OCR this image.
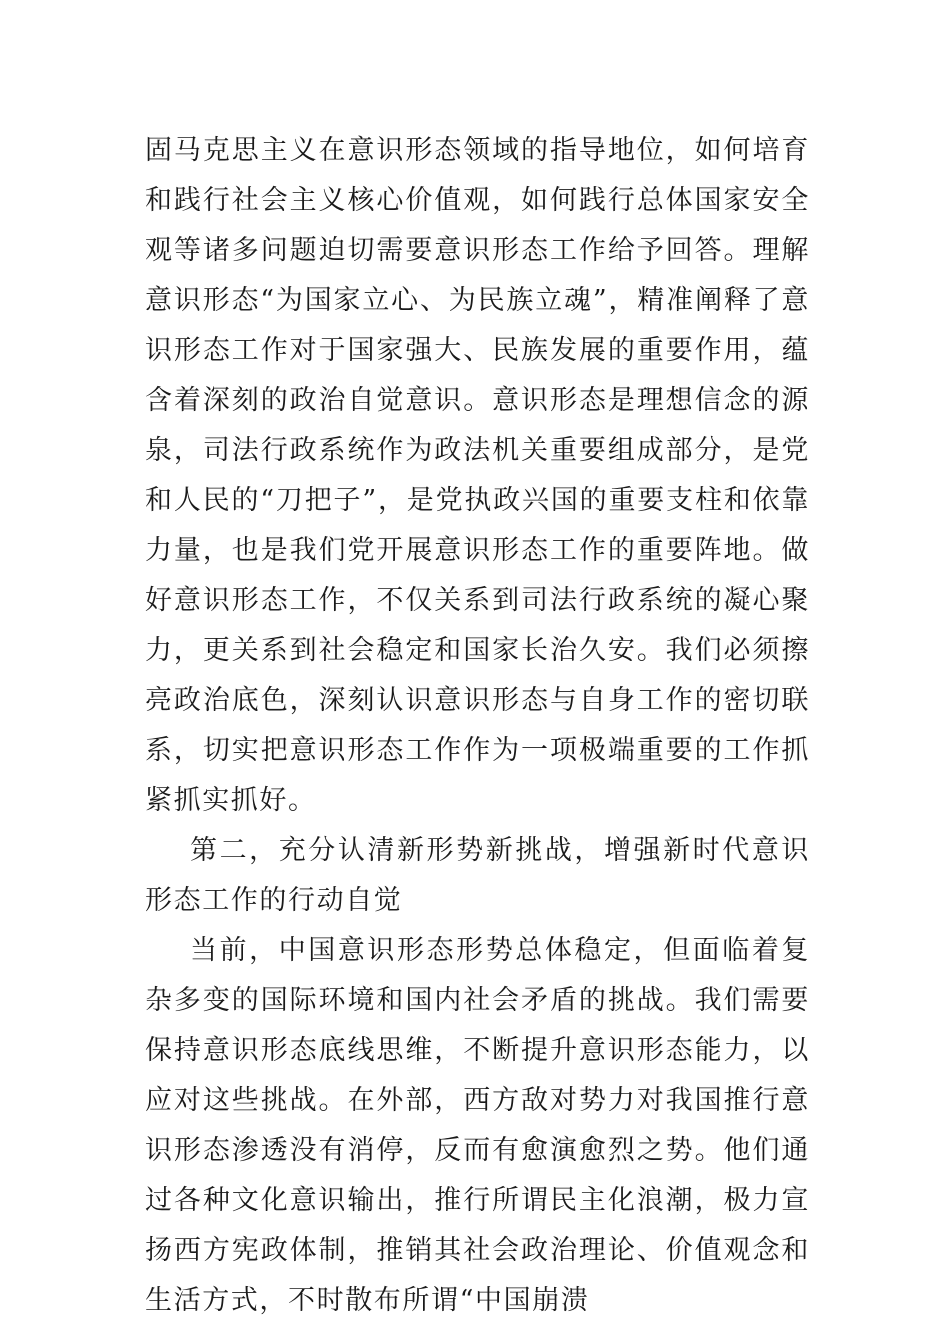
固马克思主义在意识形态领域的指导地位，如何培育和践行社会主义核心价值观，如何践行总体国家安全观等诸多问题迫切需要意识形态工作给予回答。理解意识形态“为国家立心、为民族立魂”，精准阐释了意识形态工作对于国家强大、民族发展的重要作用，蕴含着深刻的政治自觉意识。意识形态是理想信念的源泉，司法行政系统作为政法机关重要组成部分，是党和人民的“刀把子”，是党执政兴国的重要支柱和依靠力量，也是我们党开展意识形态工作的重要阵地。做好意识形态工作，不仅关系到司法行政系统的凝心聚力，更关系到社会稳定和国家长治久安。我们必须擦亮政治底色，深刻认识意识形态与自身工作的密切联系，切实把意识形态工作作为一项极端重要的工作抓紧抓实抓好。

第二，充分认清新形势新挑战，增强新时代意识形态工作的行动自觉

当前，中国意识形态形势总体稳定，但面临着复杂多变的国际环境和国内社会矛盾的挑战。我们需要保持意识形态底线思维，不断提升意识形态能力，以应对这些挑战。在外部，西方敌对势力对我国推行意识形态渗透没有消停，反而有愈演愈烈之势。他们通过各种文化意识输出，推行所谓民主化浪潮，极力宣扬西方宪政体制，推销其社会政治理论、价值观念和生活方式，不时散布所谓“中国崩溃
